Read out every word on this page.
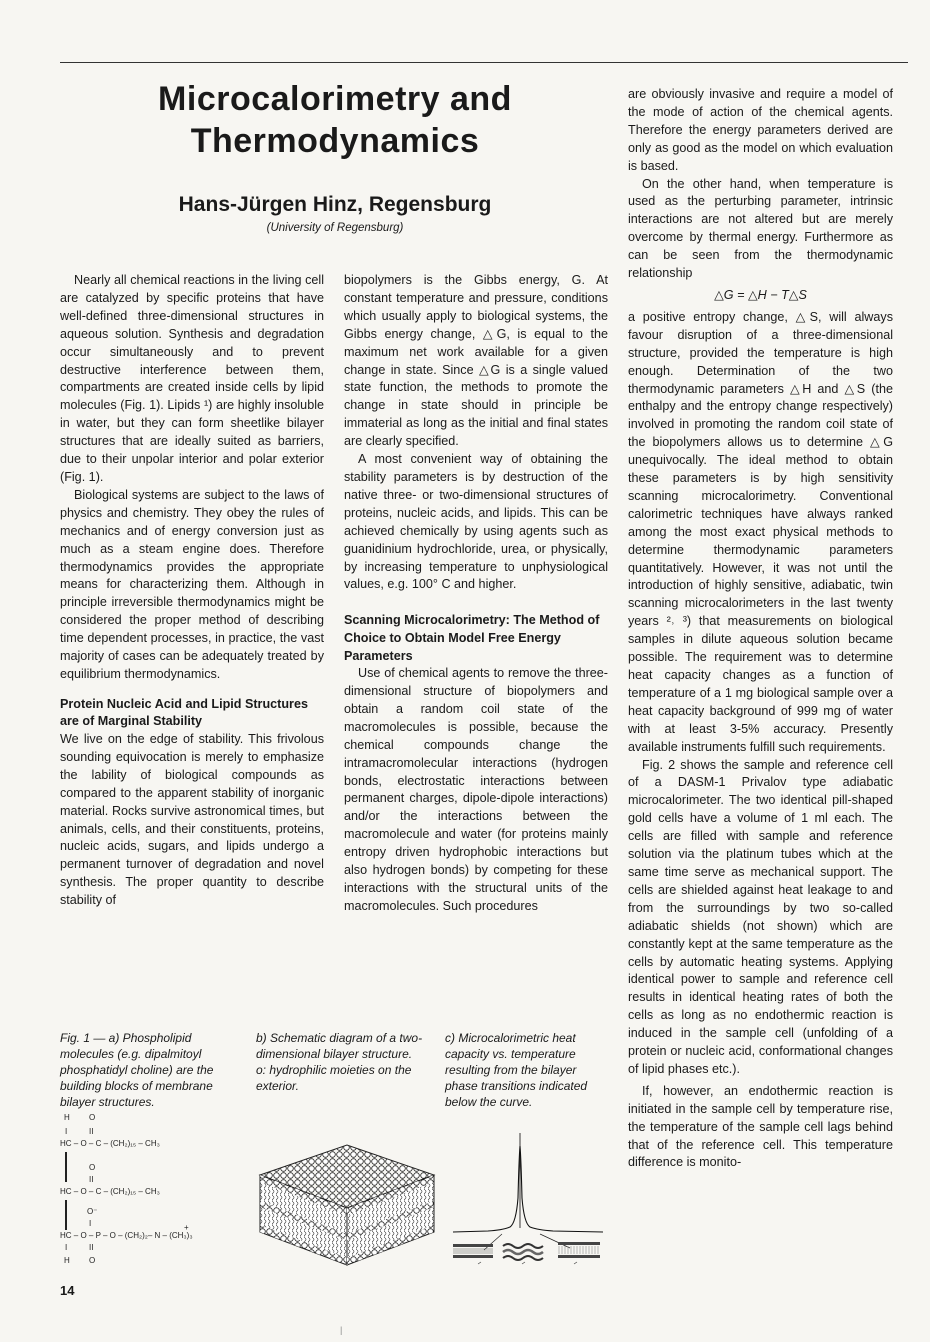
Microcalorimetry and
Thermodynamics

Hans-Jürgen Hinz, Regensburg

(University of Regensburg)

Nearly all chemical reactions in the living cell are catalyzed by specific proteins that have well-defined three-dimensional structures in aqueous solution. Synthesis and degradation occur simultaneously and to prevent destructive interference between them, compartments are created inside cells by lipid molecules (Fig. 1). Lipids ¹) are highly insoluble in water, but they can form sheetlike bilayer structures that are ideally suited as barriers, due to their unpolar interior and polar exterior (Fig. 1).

Biological systems are subject to the laws of physics and chemistry. They obey the rules of mechanics and of energy conversion just as much as a steam engine does. Therefore thermodynamics provides the appropriate means for characterizing them. Although in principle irreversible thermodynamics might be considered the proper method of describing time dependent processes, in practice, the vast majority of cases can be adequately treated by equilibrium thermodynamics.

Protein Nucleic Acid and Lipid Structures are of Marginal Stability

We live on the edge of stability. This frivolous sounding equivocation is merely to emphasize the lability of biological compounds as compared to the apparent stability of inorganic material. Rocks survive astronomical times, but animals, cells, and their constituents, proteins, nucleic acids, sugars, and lipids undergo a permanent turnover of degradation and novel synthesis. The proper quantity to describe stability of

biopolymers is the Gibbs energy, G. At constant temperature and pressure, conditions which usually apply to biological systems, the Gibbs energy change, △G, is equal to the maximum net work available for a given change in state. Since △G is a single valued state function, the methods to promote the change in state should in principle be immaterial as long as the initial and final states are clearly specified.

A most convenient way of obtaining the stability parameters is by destruction of the native three- or two-dimensional structures of proteins, nucleic acids, and lipids. This can be achieved chemically by using agents such as guanidinium hydrochloride, urea, or physically, by increasing temperature to unphysiological values, e.g. 100° C and higher.

Scanning Microcalorimetry: The Method of Choice to Obtain Model Free Energy Parameters

Use of chemical agents to remove the three-dimensional structure of biopolymers and obtain a random coil state of the macromolecules is possible, because the chemical compounds change the intramacromolecular interactions (hydrogen bonds, electrostatic interactions between permanent charges, dipole-dipole interactions) and/or the interactions between the macromolecule and water (for proteins mainly entropy driven hydrophobic interactions but also hydrogen bonds) by competing for these interactions with the structural units of the macromolecules. Such procedures

are obviously invasive and require a model of the mode of action of the chemical agents. Therefore the energy parameters derived are only as good as the model on which evaluation is based.

On the other hand, when temperature is used as the perturbing parameter, intrinsic interactions are not altered but are merely overcome by thermal energy. Furthermore as can be seen from the thermodynamic relationship

△G = △H − T△S

a positive entropy change, △S, will always favour disruption of a three-dimensional structure, provided the temperature is high enough. Determination of the two thermodynamic parameters △H and △S (the enthalpy and the entropy change respectively) involved in promoting the random coil state of the biopolymers allows us to determine △G unequivocally. The ideal method to obtain these parameters is by high sensitivity scanning microcalorimetry. Conventional calorimetric techniques have always ranked among the most exact physical methods to determine thermodynamic parameters quantitatively. However, it was not until the introduction of highly sensitive, adiabatic, twin scanning microcalorimeters in the last twenty years ²˒ ³) that measurements on biological samples in dilute aqueous solution became possible. The requirement was to determine heat capacity changes as a function of temperature of a 1 mg biological sample over a heat capacity background of 999 mg of water with at least 3-5% accuracy. Presently available instruments fulfill such requirements.

Fig. 2 shows the sample and reference cell of a DASM-1 Privalov type adiabatic microcalorimeter. The two identical pill-shaped gold cells have a volume of 1 ml each. The cells are filled with sample and reference solution via the platinum tubes which at the same time serve as mechanical support. The cells are shielded against heat leakage to and from the surroundings by two so-called adiabatic shields (not shown) which are constantly kept at the same temperature as the cells by automatic heating systems. Applying identical power to sample and reference cell results in identical heating rates of both the cells as long as no endothermic reaction is induced in the sample cell (unfolding of a protein or nucleic acid, conformational changes of lipid phases etc.).

If, however, an endothermic reaction is initiated in the sample cell by temperature rise, the temperature of the sample cell lags behind that of the reference cell. This temperature difference is monito-

Fig. 1 — a) Phospholipid molecules (e.g. dipalmitoyl phosphatidyl choline) are the building blocks of membrane bilayer structures.
b) Schematic diagram of a two-dimensional bilayer structure. o: hydrophilic moieties on the exterior.
c) Microcalorimetric heat capacity vs. temperature resulting from the bilayer phase transitions indicated below the curve.
H O
I	II
HC – O – C – (CH₂)₁₅ – CH₃
O
II
HC – O – C – (CH₂)₁₅ – CH₃
O⁻
I	+
HC – O – P – O – (CH₂)₂– N – (CH₃)₃
I	II
H O
14
|
